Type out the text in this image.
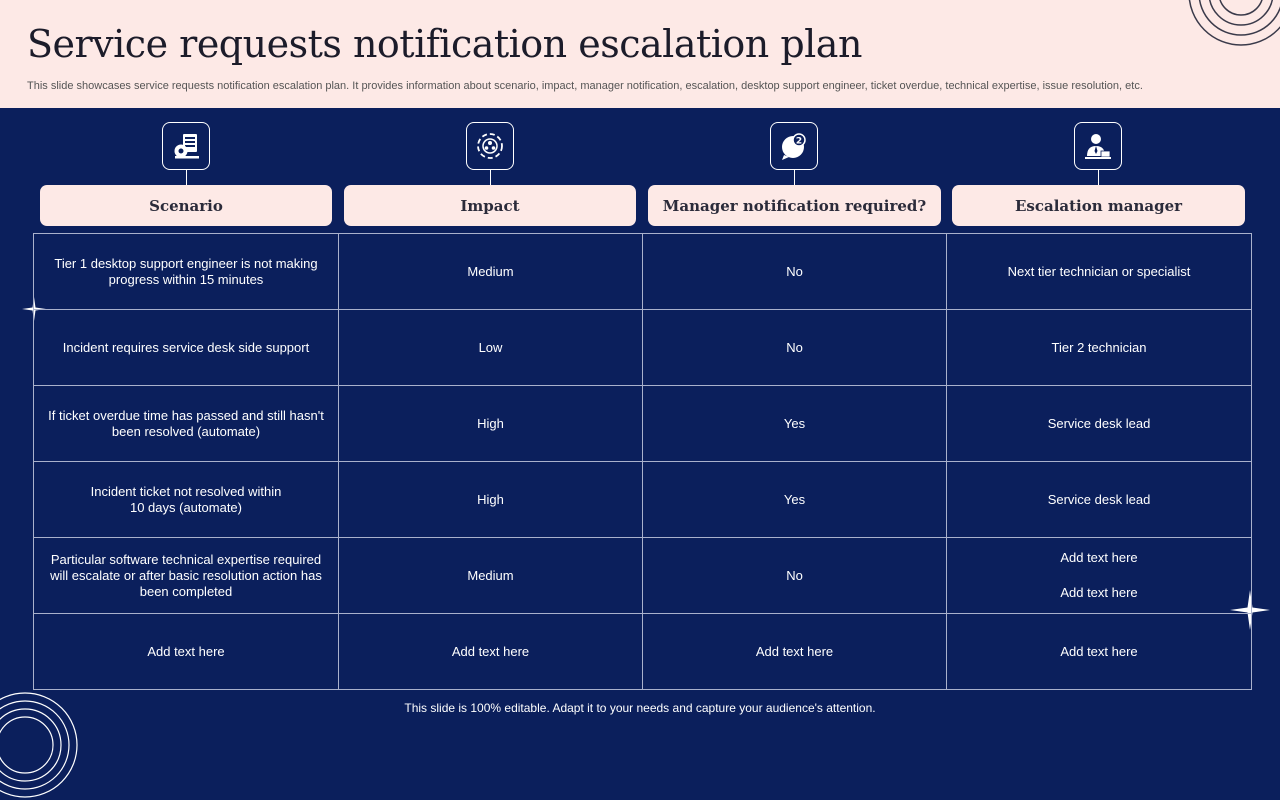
Service requests notification escalation plan
This slide showcases service requests notification escalation plan. It provides information about scenario, impact, manager notification, escalation, desktop support engineer, ticket overdue, technical expertise, issue resolution, etc.
2
Scenario	Impact	Manager notification required?	Escalation manager
Tier 1 desktop support engineer is not making
progress within 15 minutes	Medium	No	Next tier technician or specialist

Incident requires service desk side support	Low	No	Tier 2 technician

If ticket overdue time has passed and still hasn't
been resolved (automate)	High	Yes	Service desk lead

Incident ticket not resolved within
10 days (automate)	High	Yes	Service desk lead

Particular software technical expertise required
will escalate or after basic resolution action has
been completed	Medium	No	Add text here
Add text here

Add text here	Add text here	Add text here	Add text here
This slide is 100% editable. Adapt it to your needs and capture your audience's attention.
